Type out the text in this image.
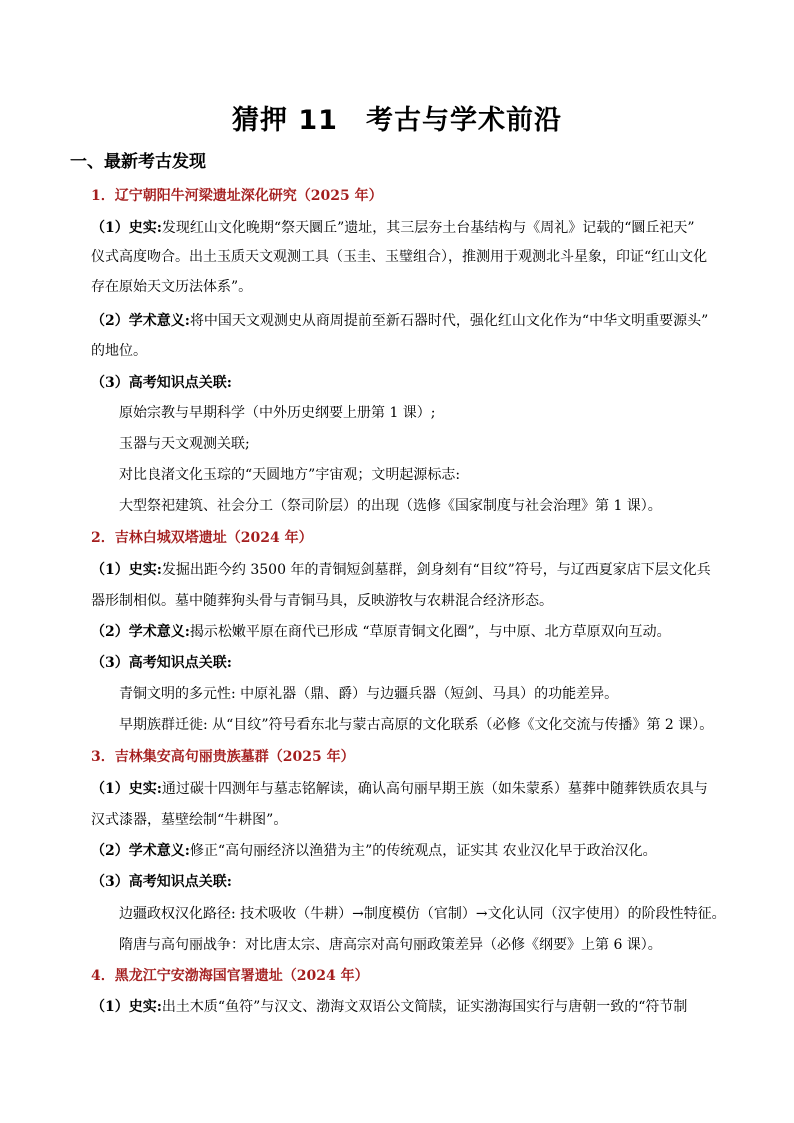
猜押 11　考古与学术前沿
一、最新考古发现
1．辽宁朝阳牛河梁遗址深化研究（2025 年）
（1）史实:发现红山文化晚期“祭天圜丘”遗址，其三层夯土台基结构与《周礼》记载的“圜丘祀天”
仪式高度吻合。出土玉质天文观测工具（玉圭、玉璧组合），推测用于观测北斗星象，印证“红山文化
存在原始天文历法体系”。
（2）学术意义:将中国天文观测史从商周提前至新石器时代，强化红山文化作为“中华文明重要源头”
的地位。
（3）高考知识点关联:
原始宗教与早期科学（中外历史纲要上册第 1 课）;
玉器与天文观测关联;
对比良渚文化玉琮的“天圆地方”宇宙观；文明起源标志:
大型祭祀建筑、社会分工（祭司阶层）的出现（选修《国家制度与社会治理》第 1 课）。
2．吉林白城双塔遗址（2024 年）
（1）史实:发掘出距今约 3500 年的青铜短剑墓群，剑身刻有“目纹”符号，与辽西夏家店下层文化兵
器形制相似。墓中随葬狗头骨与青铜马具，反映游牧与农耕混合经济形态。
（2）学术意义:揭示松嫩平原在商代已形成 “草原青铜文化圈”，与中原、北方草原双向互动。
（3）高考知识点关联:
青铜文明的多元性: 中原礼器（鼎、爵）与边疆兵器（短剑、马具）的功能差异。
早期族群迁徙: 从“目纹”符号看东北与蒙古高原的文化联系（必修《文化交流与传播》第 2 课）。
3．吉林集安高句丽贵族墓群（2025 年）
（1）史实:通过碳十四测年与墓志铭解读，确认高句丽早期王族（如朱蒙系）墓葬中随葬铁质农具与
汉式漆器，墓壁绘制“牛耕图”。
（2）学术意义:修正“高句丽经济以渔猎为主”的传统观点，证实其 农业汉化早于政治汉化。
（3）高考知识点关联:
边疆政权汉化路径: 技术吸收（牛耕）→制度模仿（官制）→文化认同（汉字使用）的阶段性特征。
隋唐与高句丽战争：对比唐太宗、唐高宗对高句丽政策差异（必修《纲要》上第 6 课）。
4．黑龙江宁安渤海国官署遗址（2024 年）
（1）史实:出土木质“鱼符”与汉文、渤海文双语公文简牍，证实渤海国实行与唐朝一致的“符节制
